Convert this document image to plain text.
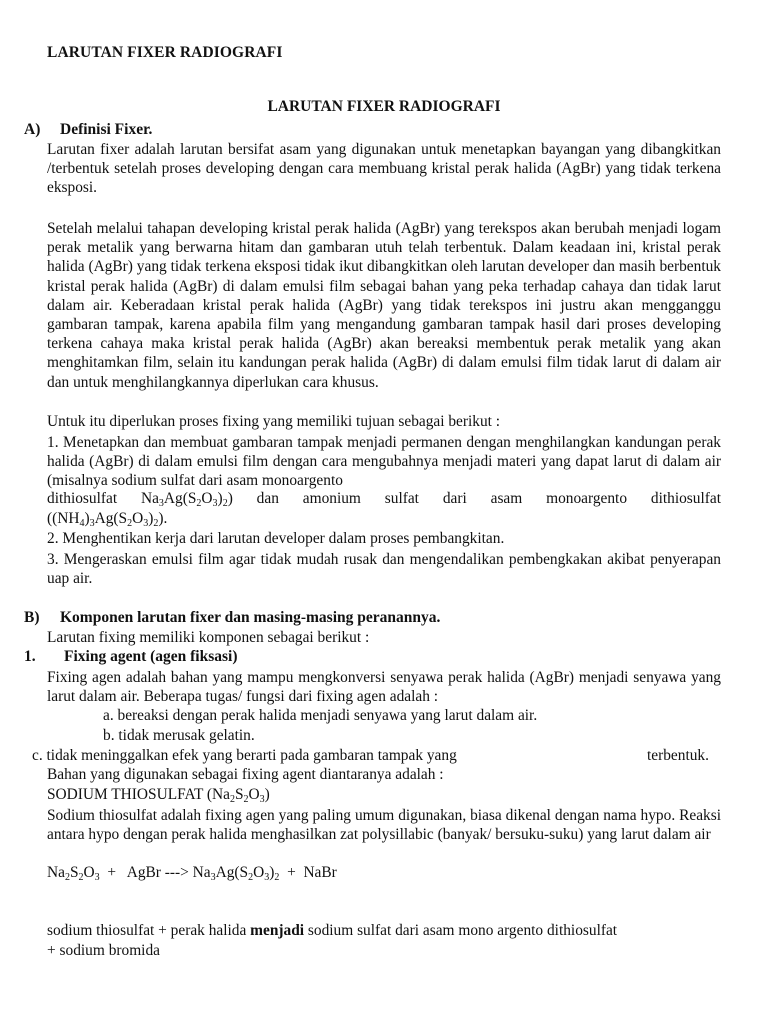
LARUTAN FIXER RADIOGRAFI
LARUTAN FIXER RADIOGRAFI
A) Definisi Fixer.
Larutan fixer adalah larutan bersifat asam yang digunakan untuk menetapkan bayangan yang dibangkitkan /terbentuk setelah proses developing dengan cara membuang kristal perak halida (AgBr) yang tidak terkena eksposi.
Setelah melalui tahapan developing kristal perak halida (AgBr) yang terekspos akan berubah menjadi logam perak metalik yang berwarna hitam dan gambaran utuh telah terbentuk. Dalam keadaan ini, kristal perak halida (AgBr) yang tidak terkena eksposi tidak ikut dibangkitkan oleh larutan developer dan masih berbentuk kristal perak halida (AgBr) di dalam emulsi film sebagai bahan yang peka terhadap cahaya dan tidak larut dalam air. Keberadaan kristal perak halida (AgBr) yang tidak terekspos ini justru akan mengganggu gambaran tampak, karena apabila film yang mengandung gambaran tampak hasil dari proses developing terkena cahaya maka kristal perak halida (AgBr) akan bereaksi membentuk perak metalik yang akan menghitamkan film, selain itu kandungan perak halida (AgBr) di dalam emulsi film tidak larut di dalam air dan untuk menghilangkannya diperlukan cara khusus.
Untuk itu diperlukan proses fixing yang memiliki tujuan sebagai berikut :
1. Menetapkan dan membuat gambaran tampak menjadi permanen dengan menghilangkan kandungan perak halida (AgBr) di dalam emulsi film dengan cara mengubahnya menjadi materi yang dapat larut di dalam air (misalnya sodium sulfat dari asam monoargento
dithiosulfat $Na_3Ag(S_2O_3)_2$) dan amonium sulfat dari asam monoargento dithiosulfat
$((NH_4)_3Ag(S_2O_3)_2)$.
2. Menghentikan kerja dari larutan developer dalam proses pembangkitan.
3. Mengeraskan emulsi film agar tidak mudah rusak dan mengendalikan pembengkakan akibat penyerapan uap air.
B) Komponen larutan fixer dan masing-masing peranannya.
Larutan fixing memiliki komponen sebagai berikut :
1. Fixing agent (agen fiksasi)
Fixing agen adalah bahan yang mampu mengkonversi senyawa perak halida (AgBr) menjadi senyawa yang larut dalam air. Beberapa tugas/ fungsi dari fixing agen adalah :
a. bereaksi dengan perak halida menjadi senyawa yang larut dalam air.
b. tidak merusak gelatin.
c. tidak meninggalkan efek yang berarti pada gambaran tampak yang	terbentuk.
Bahan yang digunakan sebagai fixing agent diantaranya adalah :
SODIUM THIOSULFAT $(Na_2S_2O_3)$
Sodium thiosulfat adalah fixing agen yang paling umum digunakan, biasa dikenal dengan nama hypo. Reaksi antara hypo dengan perak halida menghasilkan zat polysillabic (banyak/ bersuku-suku) yang larut dalam air
$Na_2S_2O_3$  +   AgBr ---> $Na_3Ag(S_2O_3)_2$  +  NaBr
sodium thiosulfat + perak halida menjadi sodium sulfat dari asam mono argento dithiosulfat
+ sodium bromida
